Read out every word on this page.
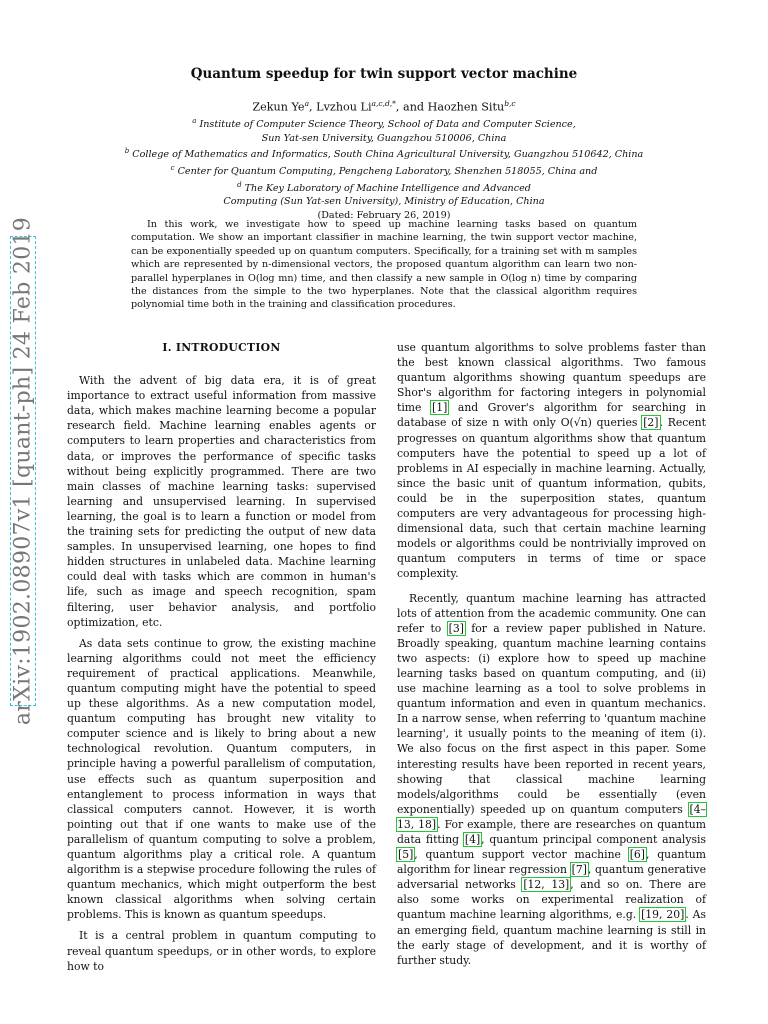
arXiv:1902.08907v1 [quant-ph] 24 Feb 2019
Quantum speedup for twin support vector machine
Zekun Ye$^a$, Lvzhou $Li^{a,c,d,*}$, and Haozhen Situ$^{b,c}$

$^a$ Institute of Computer Science Theory, School of Data and Computer Science,

Sun Yat-sen University, Guangzhou 510006, China

$^b$ College of Mathematics and Informatics, South China Agricultural University, Guangzhou 510642, China

$^c$ Center for Quantum Computing, Pengcheng Laboratory, Shenzhen 518055, China and

$^d$ The Key Laboratory of Machine Intelligence and Advanced

Computing (Sun Yat-sen University), Ministry of Education, China

(Dated: February 26, 2019)

In this work, we investigate how to speed up machine learning tasks based on quantum computation. We show an important classifier in machine learning, the twin support vector machine, can be exponentially speeded up on quantum computers. Specifically, for a training set with m samples which are represented by n-dimensional vectors, the proposed quantum algorithm can learn two non-parallel hyperplanes in O(log mn) time, and then classify a new sample in O(log n) time by comparing the distances from the simple to the two hyperplanes. Note that the classical algorithm requires polynomial time both in the training and classification procedures.

I. INTRODUCTION

With the advent of big data era, it is of great importance to extract useful information from massive data, which makes machine learning become a popular research field. Machine learning enables agents or computers to learn properties and characteristics from data, or improves the performance of specific tasks without being explicitly programmed. There are two main classes of machine learning tasks: supervised learning and unsupervised learning. In supervised learning, the goal is to learn a function or model from the training sets for predicting the output of new data samples. In unsupervised learning, one hopes to find hidden structures in unlabeled data. Machine learning could deal with tasks which are common in human's life, such as image and speech recognition, spam filtering, user behavior analysis, and portfolio optimization, etc.

As data sets continue to grow, the existing machine learning algorithms could not meet the efficiency requirement of practical applications. Meanwhile, quantum computing might have the potential to speed up these algorithms. As a new computation model, quantum computing has brought new vitality to computer science and is likely to bring about a new technological revolution. Quantum computers, in principle having a powerful parallelism of computation, use effects such as quantum superposition and entanglement to process information in ways that classical computers cannot. However, it is worth pointing out that if one wants to make use of the parallelism of quantum computing to solve a problem, quantum algorithms play a critical role. A quantum algorithm is a stepwise procedure following the rules of quantum mechanics, which might outperform the best known classical algorithms when solving certain problems. This is known as quantum speedups.

It is a central problem in quantum computing to reveal quantum speedups, or in other words, to explore how to

use quantum algorithms to solve problems faster than the best known classical algorithms. Two famous quantum algorithms showing quantum speedups are Shor's algorithm for factoring integers in polynomial time [1] and Grover's algorithm for searching in database of size n with only O(√n) queries [2]. Recent progresses on quantum algorithms show that quantum computers have the potential to speed up a lot of problems in AI especially in machine learning. Actually, since the basic unit of quantum information, qubits, could be in the superposition states, quantum computers are very advantageous for processing high-dimensional data, such that certain machine learning models or algorithms could be nontrivially improved on quantum computers in terms of time or space complexity.

Recently, quantum machine learning has attracted lots of attention from the academic community. One can refer to [3] for a review paper published in Nature. Broadly speaking, quantum machine learning contains two aspects: (i) explore how to speed up machine learning tasks based on quantum computing, and (ii) use machine learning as a tool to solve problems in quantum information and even in quantum mechanics. In a narrow sense, when referring to 'quantum machine learning', it usually points to the meaning of item (i). We also focus on the first aspect in this paper. Some interesting results have been reported in recent years, showing that classical machine learning models/algorithms could be essentially (even exponentially) speeded up on quantum computers [4–13, 18]. For example, there are researches on quantum data fitting [4], quantum principal component analysis [5], quantum support vector machine [6], quantum algorithm for linear regression [7], quantum generative adversarial networks [12, 13], and so on. There are also some works on experimental realization of quantum machine learning algorithms, e.g. [19, 20]. As an emerging field, quantum machine learning is still in the early stage of development, and it is worthy of further study.
